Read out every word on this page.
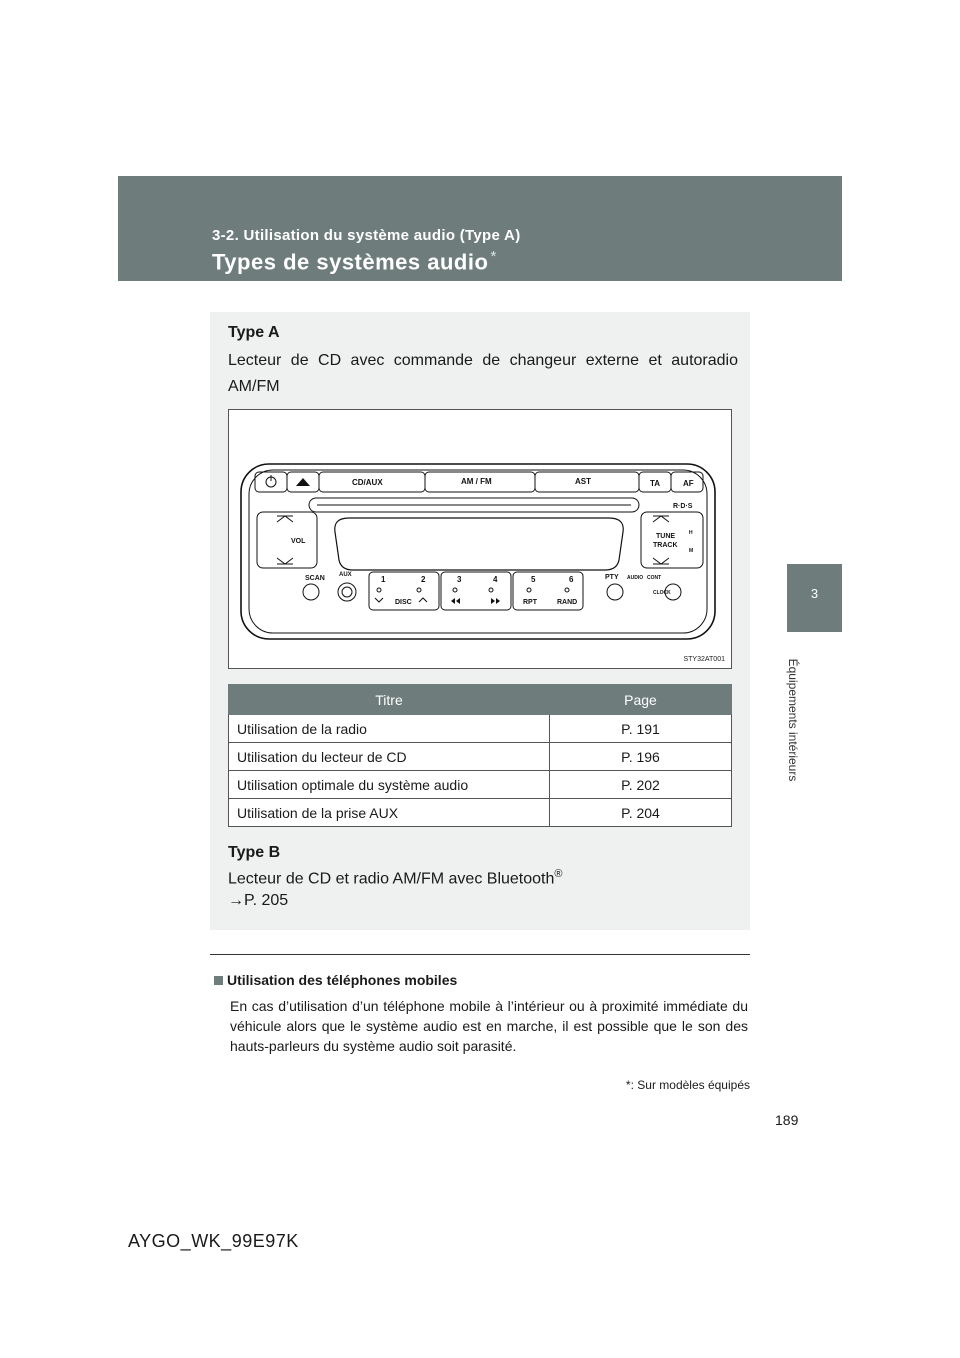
3-2. Utilisation du système audio (Type A)
Types de systèmes audio *
3
Équipements intérieurs
Type A
Lecteur de CD avec commande de changeur externe et autoradio AM/FM
CD/AUX	AM / FM	AST	TA	AF
VOL
TUNE
TRACK
R·D·S
H
M
SCAN AUX	1	2	3	4	5	6
DISC	RPT	RAND
PTY AUDIO CONT
CLOCK
STY32AT001
Titre	Page
Utilisation de la radio	P. 191
Utilisation du lecteur de CD	P. 196
Utilisation optimale du système audio	P. 202
Utilisation de la prise AUX	P. 204
Type B
Lecteur de CD et radio AM/FM avec Bluetooth®
→P. 205
Utilisation des téléphones mobiles
En cas d’utilisation d’un téléphone mobile à l’intérieur ou à proximité immédiate du véhicule alors que le système audio est en marche, il est possible que le son des hauts-parleurs du système audio soit parasité.
*: Sur modèles équipés
189
AYGO_WK_99E97K
